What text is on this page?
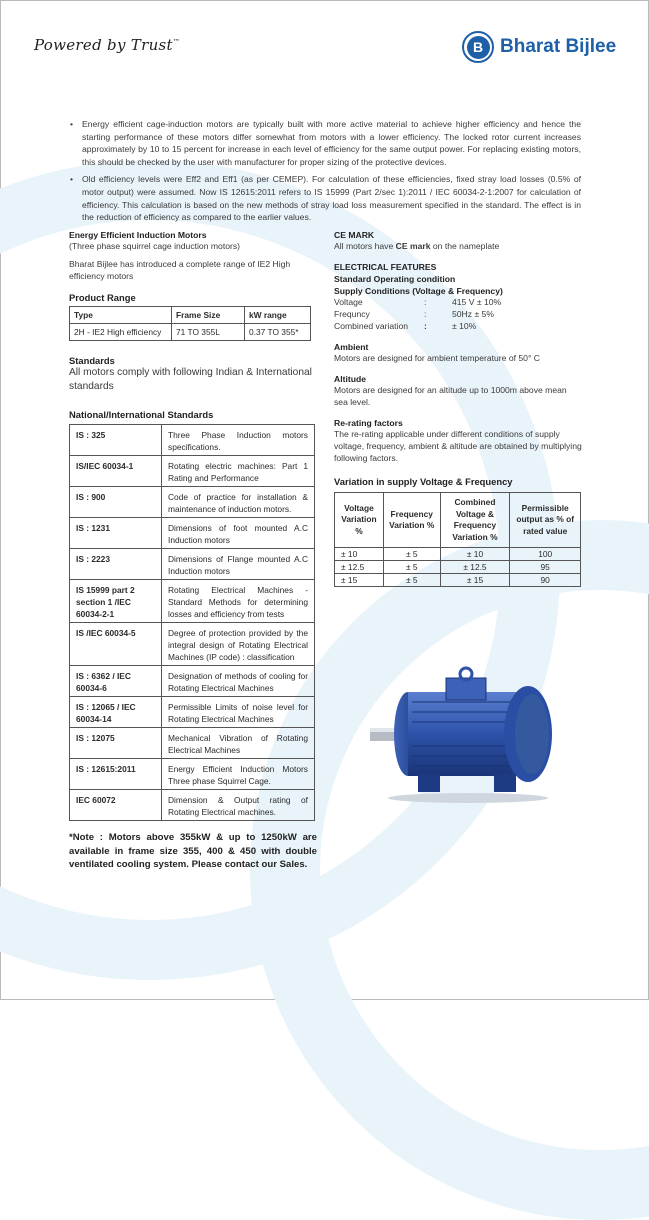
Powered by Trust™	B Bharat Bijlee
• Energy efficient cage-induction motors are typically built with more active material to achieve higher efficiency and hence the starting performance of these motors differ somewhat from motors with a lower efficiency. The locked rotor current increases approximately by 10 to 15 percent for increase in each level of efficiency for the same output power. For replacing existing motors, this should be checked by the user with manufacturer for proper sizing of the protective devices.
• Old efficiency levels were Eff2 and Eff1 (as per CEMEP). For calculation of these efficiencies, fixed stray load losses (0.5% of motor output) were assumed. Now IS 12615:2011 refers to IS 15999 (Part 2/sec 1):2011 / IEC 60034-2-1:2007 for calculation of efficiency. This calculation is based on the new methods of stray load loss measurement specified in the standard. The effect is in the reduction of efficiency as compared to the earlier values.
Energy Efficient Induction Motors
(Three phase squirrel cage induction motors)
Bharat Bijlee has introduced a complete range of IE2 High efficiency motors
Product Range
Type	Frame Size	kW range
2H - IE2 High efficiency	71 TO 355L	0.37 TO 355*
Standards
All motors comply with following Indian & International standards
National/International Standards
IS : 325	Three Phase Induction motors specifications.
IS/IEC 60034-1	Rotating electric machines: Part 1 Rating and Performance
IS : 900	Code of practice for installation & maintenance of induction motors.
IS : 1231	Dimensions of foot mounted A.C Induction motors
IS : 2223	Dimensions of Flange mounted A.C Induction motors
IS 15999 part 2 section 1 /IEC 60034-2-1	Rotating Electrical Machines - Standard Methods for determining losses and efficiency from tests
IS /IEC 60034-5	Degree of protection provided by the integral design of Rotating Electrical Machines (IP code) : classification
IS : 6362 / IEC 60034-6	Designation of methods of cooling for Rotating Electrical Machines
IS : 12065 / IEC 60034-14	Permissible Limits of noise level for Rotating Electrical Machines
IS : 12075	Mechanical Vibration of Rotating Electrical Machines
IS : 12615:2011	Energy Efficient Induction Motors Three phase Squirrel Cage.
IEC 60072	Dimension & Output rating of Rotating Electrical machines.
*Note : Motors above 355kW & up to 1250kW are available in frame size 355, 400 & 450 with double ventilated cooling system. Please contact our Sales.
CE MARK
All motors have CE mark on the nameplate
ELECTRICAL FEATURES
Standard Operating condition
Supply Conditions (Voltage & Frequency)
Voltage	:	415 V ± 10%
Frequncy	:	50Hz ± 5%
Combined variation	:	± 10%
Ambient
Motors are designed for ambient temperature of 50° C
Altitude
Motors are designed for an altitude up to 1000m above mean sea level.
Re-rating factors
The re-rating applicable under different conditions of supply voltage, frequency, ambient & altitude are obtained by multiplying following factors.
Variation in supply Voltage & Frequency
Voltage Variation %	Frequency Variation %	Combined Voltage & Frequency Variation %	Permissible output as % of rated value
± 10	± 5	± 10	100
± 12.5	± 5	± 12.5	95
± 15	± 5	± 15	90
